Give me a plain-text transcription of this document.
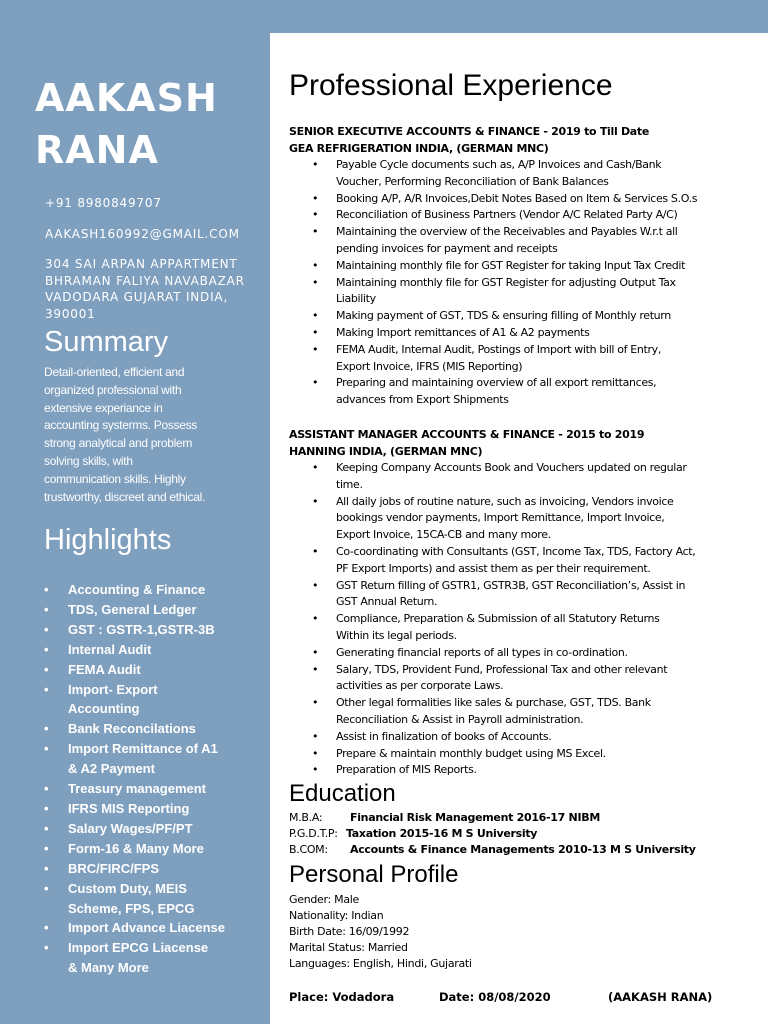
AAKASH
RANA
+91 8980849707
AAKASH160992@GMAIL.COM
304 SAI ARPAN APPARTMENT
BHRAMAN FALIYA NAVABAZAR
VADODARA GUJARAT INDIA,
390001
Summary
Detail-oriented, efficient and
organized professional with
extensive experiance in
accounting systerms. Possess
strong analytical and problem
solving skills, with
communication skills. Highly
trustworthy, discreet and ethical.
Highlights
• Accounting & Finance
• TDS, General Ledger
• GST : GSTR-1,GSTR-3B
• Internal Audit
• FEMA Audit
• Import- Export
Accounting
• Bank Reconcilations
• Import Remittance of A1
& A2 Payment
• Treasury management
• IFRS MIS Reporting
• Salary Wages/PF/PT
• Form-16 & Many More
• BRC/FIRC/FPS
• Custom Duty, MEIS
Scheme, FPS, EPCG
• Import Advance Liacense
• Import EPCG Liacense
& Many More
Professional Experience
SENIOR EXECUTIVE ACCOUNTS & FINANCE - 2019 to Till Date
GEA REFRIGERATION INDIA, (GERMAN MNC)
• Payable Cycle documents such as, A/P Invoices and Cash/Bank
Voucher, Performing Reconciliation of Bank Balances
• Booking A/P, A/R Invoices,Debit Notes Based on Item & Services S.O.s
• Reconciliation of Business Partners (Vendor A/C Related Party A/C)
• Maintaining the overview of the Receivables and Payables W.r.t all
pending invoices for payment and receipts
• Maintaining monthly file for GST Register for taking Input Tax Credit
• Maintaining monthly file for GST Register for adjusting Output Tax
Liability
• Making payment of GST, TDS & ensuring filling of Monthly return
• Making Import remittances of A1 & A2 payments
• FEMA Audit, Internal Audit, Postings of Import with bill of Entry,
Export Invoice, IFRS (MIS Reporting)
• Preparing and maintaining overview of all export remittances,
advances from Export Shipments
ASSISTANT MANAGER ACCOUNTS & FINANCE - 2015 to 2019
HANNING INDIA, (GERMAN MNC)
• Keeping Company Accounts Book and Vouchers updated on regular
time.
• All daily jobs of routine nature, such as invoicing, Vendors invoice
bookings vendor payments, Import Remittance, Import Invoice,
Export Invoice, 15CA-CB and many more.
• Co-coordinating with Consultants (GST, Income Tax, TDS, Factory Act,
PF Export Imports) and assist them as per their requirement.
• GST Return filling of GSTR1, GSTR3B, GST Reconciliation’s, Assist in
GST Annual Return.
• Compliance, Preparation & Submission of all Statutory Returns
Within its legal periods.
• Generating financial reports of all types in co-ordination.
• Salary, TDS, Provident Fund, Professional Tax and other relevant
activities as per corporate Laws.
• Other legal formalities like sales & purchase, GST, TDS. Bank
Reconciliation & Assist in Payroll administration.
• Assist in finalization of books of Accounts.
• Prepare & maintain monthly budget using MS Excel.
• Preparation of MIS Reports.
Education
M.B.A:	Financial Risk Management 2016-17 NIBM
P.G.D.T.P: Taxation 2015-16 M S University
B.COM: Accounts & Finance Managements 2010-13 M S University
Personal Profile
Gender: Male
Nationality: Indian
Birth Date: 16/09/1992
Marital Status: Married
Languages: English, Hindi, Gujarati
Place: Vodadora	Date: 08/08/2020	(AAKASH RANA)
